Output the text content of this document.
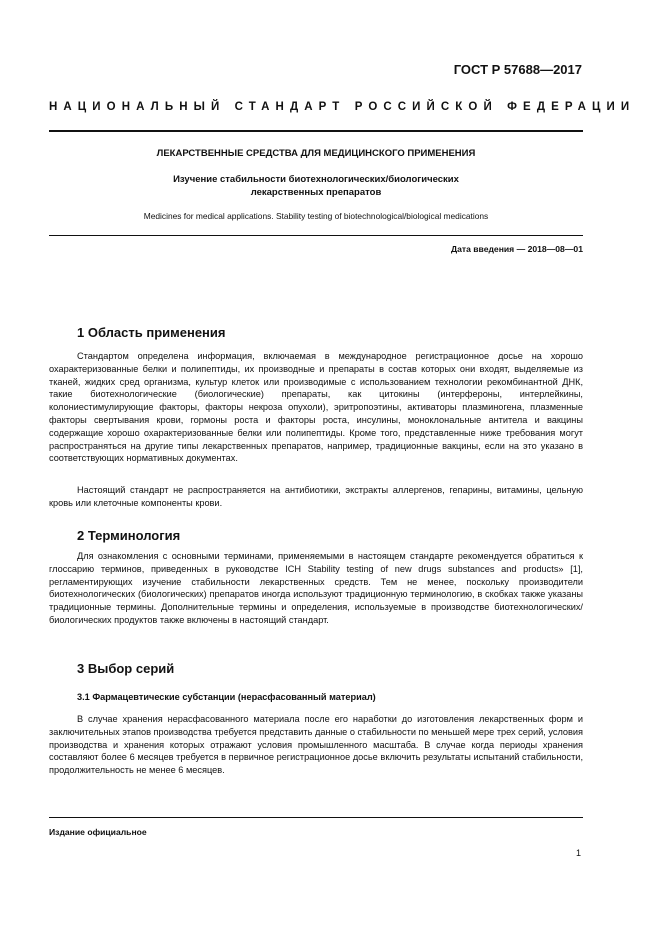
ГОСТ Р 57688—2017
НАЦИОНАЛЬНЫЙ СТАНДАРТ РОССИЙСКОЙ ФЕДЕРАЦИИ
ЛЕКАРСТВЕННЫЕ СРЕДСТВА ДЛЯ МЕДИЦИНСКОГО ПРИМЕНЕНИЯ
Изучение стабильности биотехнологических/биологических
лекарственных препаратов
Medicines for medical applications. Stability testing of biotechnological/biological medications
Дата введения — 2018—08—01
1 Область применения

Стандартом определена информация, включаемая в международное регистрационное досье на хорошо охарактеризованные белки и полипептиды, их производные и препараты в состав которых они входят, выделяемые из тканей, жидких сред организма, культур клеток или производимые с использованием технологии рекомбинантной ДНК, такие биотехнологические (биологические) препараты, как цитокины (интерфероны, интерлейкины, колониестимулирующие факторы, факторы некроза опухоли), эритропоэтины, активаторы плазминогена, плазменные факторы свертывания крови, гормоны роста и факторы роста, инсулины, моноклональные антитела и вакцины содержащие хорошо охарактеризованные белки или полипептиды. Кроме того, представленные ниже требования могут распространяться на другие типы лекарственных препаратов, например, традиционные вакцины, если на это указано в соответствующих нормативных документах.

Настоящий стандарт не распространяется на антибиотики, экстракты аллергенов, гепарины, витамины, цельную кровь или клеточные компоненты крови.

2 Терминология

Для ознакомления с основными терминами, применяемыми в настоящем стандарте рекомендуется обратиться к глоссарию терминов, приведенных в руководстве ICH Stability testing of new drugs substances and products» [1], регламентирующих изучение стабильности лекарственных средств. Тем не менее, поскольку производители биотехнологических (биологических) препаратов иногда используют традиционную терминологию, в скобках также указаны традиционные термины. Дополнительные термины и определения, используемые в производстве биотехнологических/биологических продуктов также включены в настоящий стандарт.

3 Выбор серий
3.1 Фармацевтические субстанции (нерасфасованный материал)

В случае хранения нерасфасованного материала после его наработки до изготовления лекарственных форм и заключительных этапов производства требуется представить данные о стабильности по меньшей мере трех серий, условия производства и хранения которых отражают условия промышленного масштаба. В случае когда периоды хранения составляют более 6 месяцев требуется в первичное регистрационное досье включить результаты испытаний стабильности, продолжительность не менее 6 месяцев.

Издание официальное
1
